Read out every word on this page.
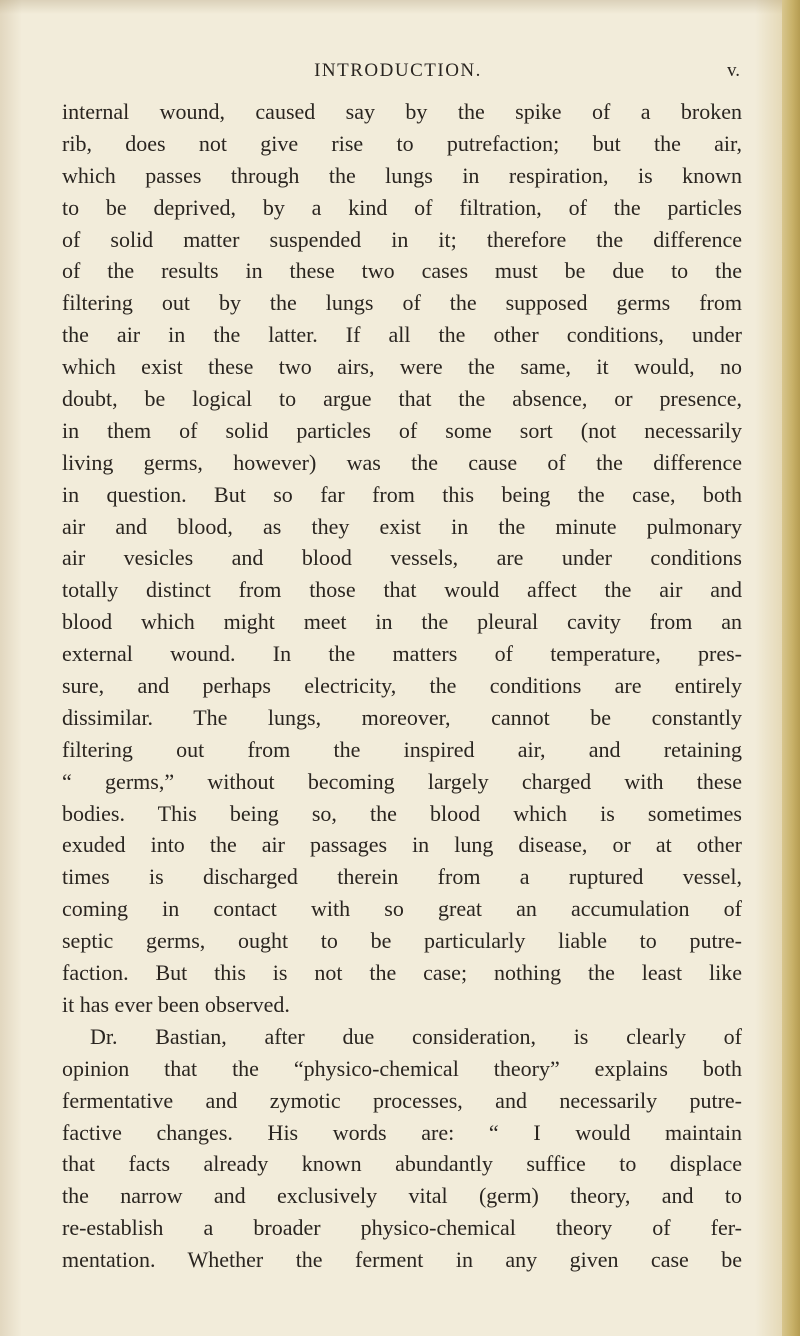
INTRODUCTION.	v.
internal wound, caused say by the spike of a broken
rib, does not give rise to putrefaction; but the air,
which passes through the lungs in respiration, is known
to be deprived, by a kind of filtration, of the particles
of solid matter suspended in it; therefore the difference
of the results in these two cases must be due to the
filtering out by the lungs of the supposed germs from
the air in the latter. If all the other conditions, under
which exist these two airs, were the same, it would, no
doubt, be logical to argue that the absence, or presence,
in them of solid particles of some sort (not necessarily
living germs, however) was the cause of the difference
in question. But so far from this being the case, both
air and blood, as they exist in the minute pulmonary
air vesicles and blood vessels, are under conditions
totally distinct from those that would affect the air and
blood which might meet in the pleural cavity from an
external wound. In the matters of temperature, pres-
sure, and perhaps electricity, the conditions are entirely
dissimilar. The lungs, moreover, cannot be constantly
filtering out from the inspired air, and retaining
“ germs,” without becoming largely charged with these
bodies. This being so, the blood which is sometimes
exuded into the air passages in lung disease, or at other
times is discharged therein from a ruptured vessel,
coming in contact with so great an accumulation of
septic germs, ought to be particularly liable to putre-
faction. But this is not the case; nothing the least like
it has ever been observed.
Dr. Bastian, after due consideration, is clearly of
opinion that the “physico-chemical theory” explains both
fermentative and zymotic processes, and necessarily putre-
factive changes. His words are: “ I would maintain
that facts already known abundantly suffice to displace
the narrow and exclusively vital (germ) theory, and to
re-establish a broader physico-chemical theory of fer-
mentation. Whether the ferment in any given case be
